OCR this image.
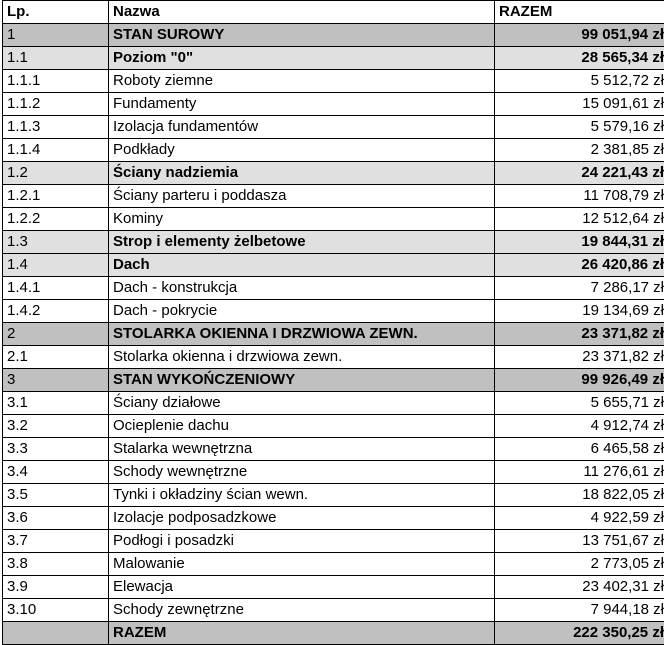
Lp.	Nazwa	RAZEM
1	STAN SUROWY	99 051,94 zł
1.1	Poziom "0"	28 565,34 zł
1.1.1	Roboty ziemne	5 512,72 zł
1.1.2	Fundamenty	15 091,61 zł
1.1.3	Izolacja fundamentów	5 579,16 zł
1.1.4	Podkłady	2 381,85 zł
1.2	Ściany nadziemia	24 221,43 zł
1.2.1	Ściany parteru i poddasza	11 708,79 zł
1.2.2	Kominy	12 512,64 zł
1.3	Strop i elementy żelbetowe	19 844,31 zł
1.4	Dach	26 420,86 zł
1.4.1	Dach - konstrukcja	7 286,17 zł
1.4.2	Dach - pokrycie	19 134,69 zł
2	STOLARKA OKIENNA I DRZWIOWA ZEWN.	23 371,82 zł
2.1	Stolarka okienna i drzwiowa zewn.	23 371,82 zł
3	STAN WYKOŃCZENIOWY	99 926,49 zł
3.1	Ściany działowe	5 655,71 zł
3.2	Ocieplenie dachu	4 912,74 zł
3.3	Stalarka wewnętrzna	6 465,58 zł
3.4	Schody wewnętrzne	11 276,61 zł
3.5	Tynki i okładziny ścian wewn.	18 822,05 zł
3.6	Izolacje podposadzkowe	4 922,59 zł
3.7	Podłogi i posadzki	13 751,67 zł
3.8	Malowanie	2 773,05 zł
3.9	Elewacja	23 402,31 zł
3.10	Schody zewnętrzne	7 944,18 zł
	RAZEM	222 350,25 zł
